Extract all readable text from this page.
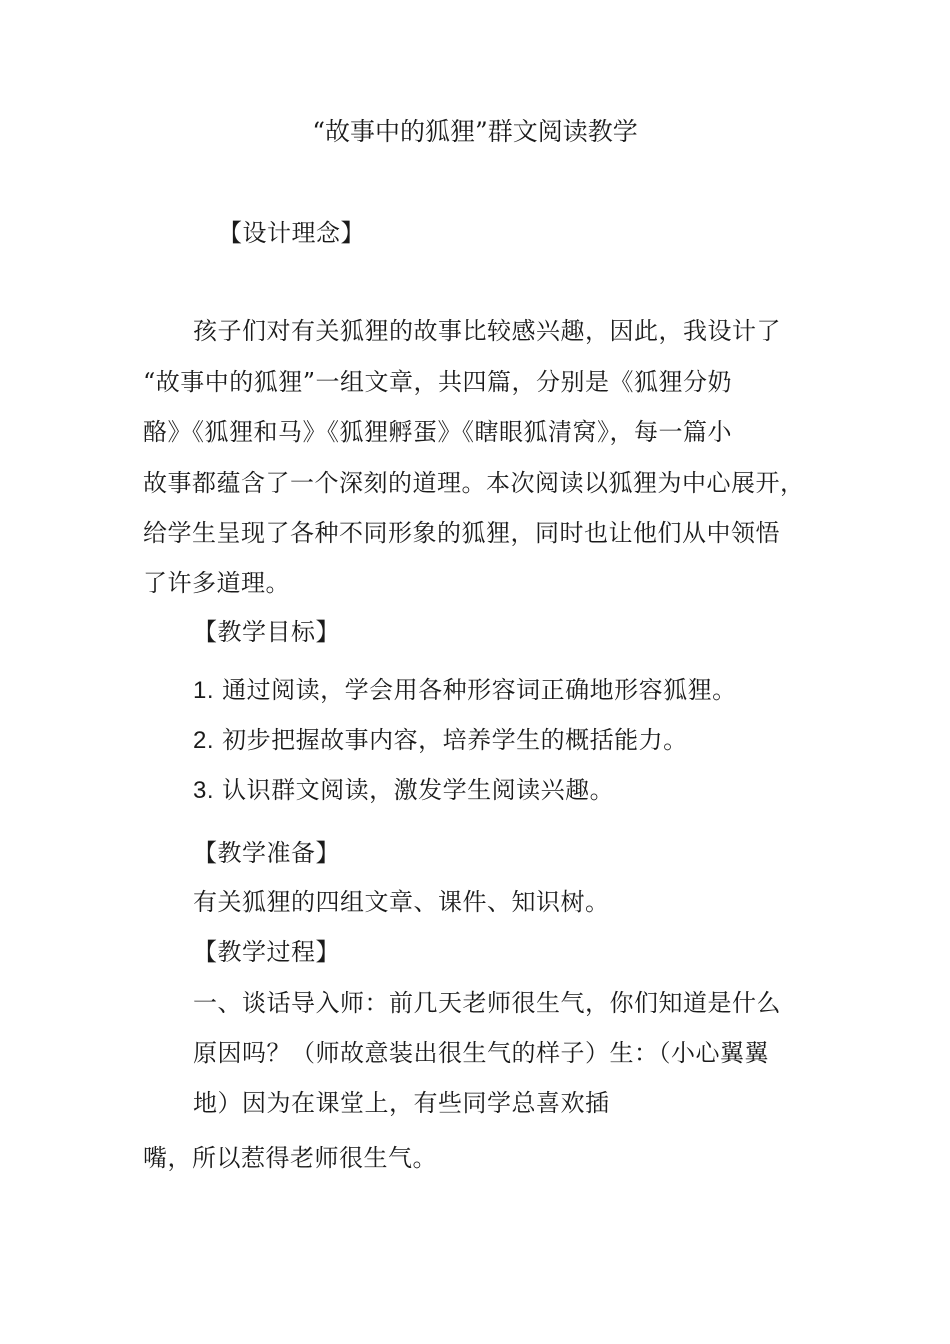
“故事中的狐狸”群文阅读教学
【设计理念】
孩子们对有关狐狸的故事比较感兴趣，因此，我设计了
“故事中的狐狸”一组文章，共四篇，分别是《狐狸分奶
酪》《狐狸和马》《狐狸孵蛋》《瞎眼狐清窝》，每一篇小
故事都蕴含了一个深刻的道理。本次阅读以狐狸为中心展开，
给学生呈现了各种不同形象的狐狸，同时也让他们从中领悟
了许多道理。
【教学目标】
1. 通过阅读，学会用各种形容词正确地形容狐狸。
2. 初步把握故事内容，培养学生的概括能力。
3. 认识群文阅读，激发学生阅读兴趣。
【教学准备】
有关狐狸的四组文章、课件、知识树。
【教学过程】
一、谈话导入师：前几天老师很生气，你们知道是什么
原因吗？（师故意装出很生气的样子）生：（小心翼翼
地）因为在课堂上，有些同学总喜欢插
嘴，所以惹得老师很生气。
